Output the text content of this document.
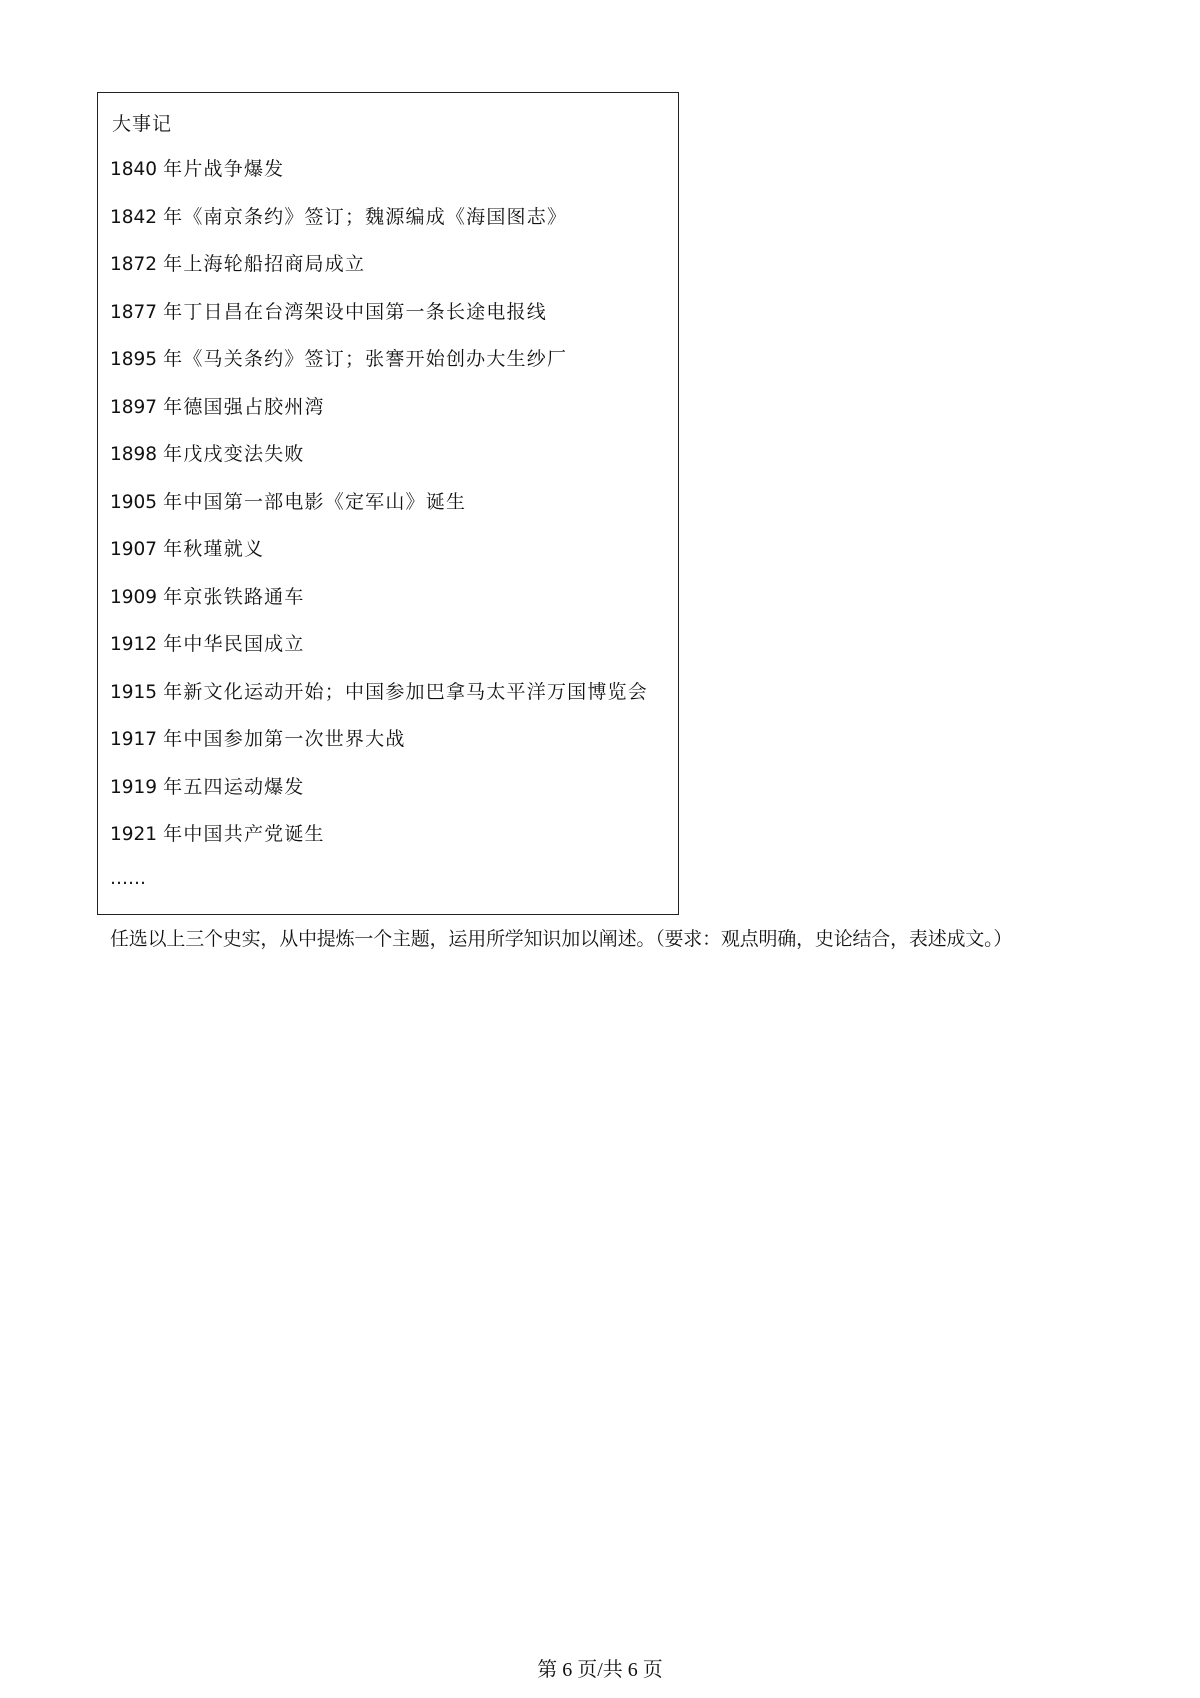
大事记
1840 年片战争爆发
1842 年《南京条约》签订；魏源编成《海国图志》
1872 年上海轮船招商局成立
1877 年丁日昌在台湾架设中国第一条长途电报线
1895 年《马关条约》签订；张謇开始创办大生纱厂
1897 年德国强占胶州湾
1898 年戊戌变法失败
1905 年中国第一部电影《定军山》诞生
1907 年秋瑾就义
1909 年京张铁路通车
1912 年中华民国成立
1915 年新文化运动开始；中国参加巴拿马太平洋万国博览会
1917 年中国参加第一次世界大战
1919 年五四运动爆发
1921 年中国共产党诞生
……
任选以上三个史实，从中提炼一个主题，运用所学知识加以阐述。（要求：观点明确，史论结合，表述成文。）
第 6 页/共 6 页
